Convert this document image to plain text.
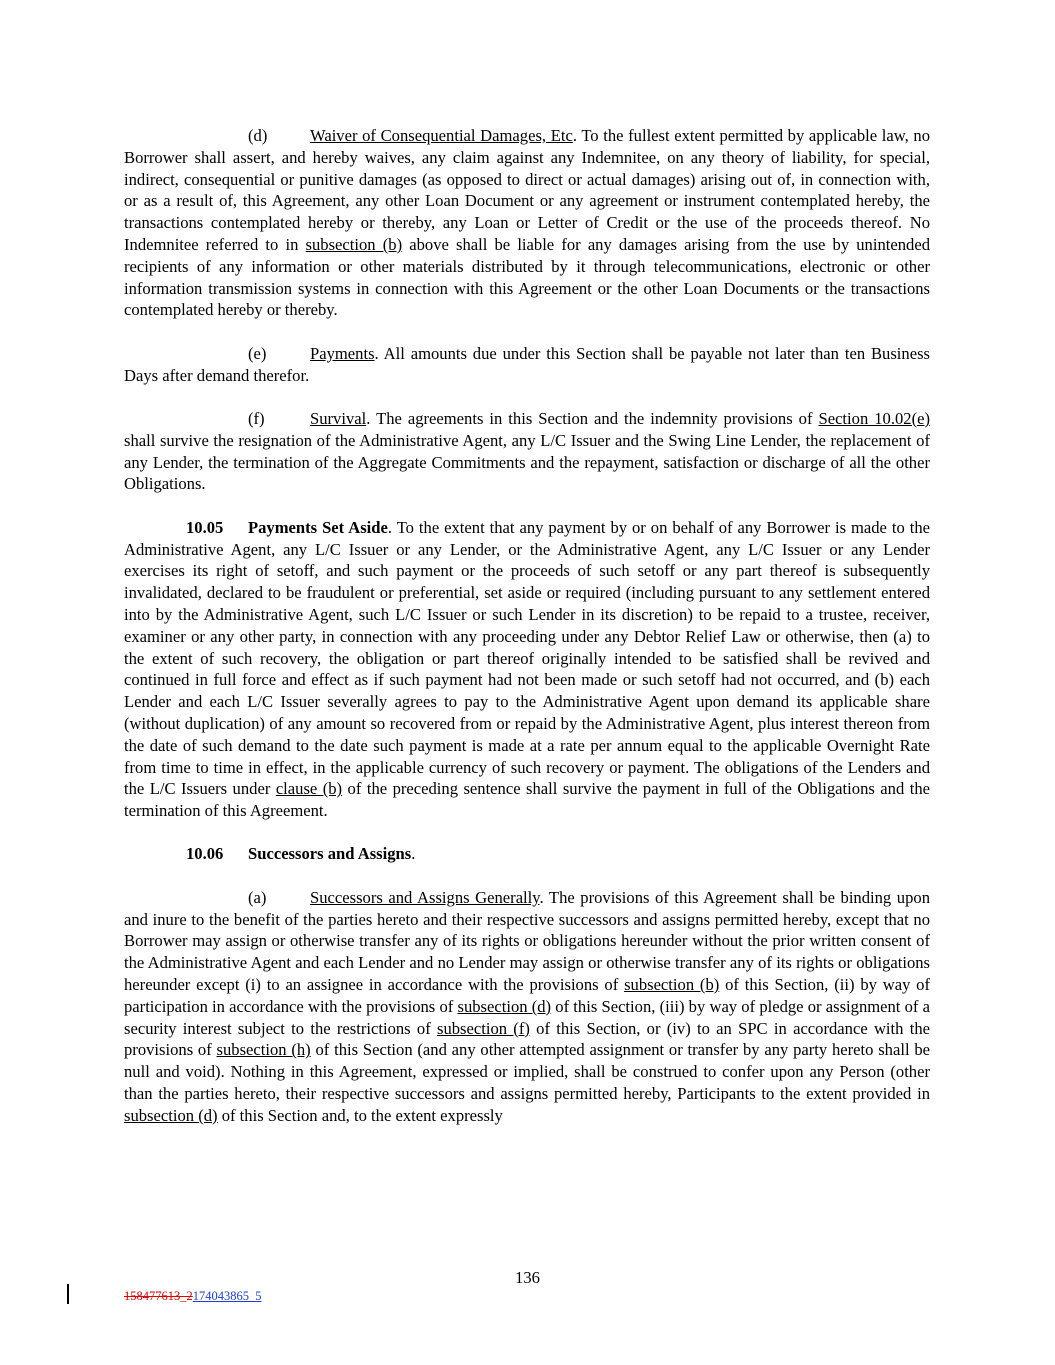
(d)	Waiver of Consequential Damages, Etc. To the fullest extent permitted by applicable law, no Borrower shall assert, and hereby waives, any claim against any Indemnitee, on any theory of liability, for special, indirect, consequential or punitive damages (as opposed to direct or actual damages) arising out of, in connection with, or as a result of, this Agreement, any other Loan Document or any agreement or instrument contemplated hereby, the transactions contemplated hereby or thereby, any Loan or Letter of Credit or the use of the proceeds thereof. No Indemnitee referred to in subsection (b) above shall be liable for any damages arising from the use by unintended recipients of any information or other materials distributed by it through telecommunications, electronic or other information transmission systems in connection with this Agreement or the other Loan Documents or the transactions contemplated hereby or thereby.

(e)	Payments. All amounts due under this Section shall be payable not later than ten Business Days after demand therefor.

(f)	Survival. The agreements in this Section and the indemnity provisions of Section 10.02(e) shall survive the resignation of the Administrative Agent, any L/C Issuer and the Swing Line Lender, the replacement of any Lender, the termination of the Aggregate Commitments and the repayment, satisfaction or discharge of all the other Obligations.

10.05 Payments Set Aside. To the extent that any payment by or on behalf of any Borrower is made to the Administrative Agent, any L/C Issuer or any Lender, or the Administrative Agent, any L/C Issuer or any Lender exercises its right of setoff, and such payment or the proceeds of such setoff or any part thereof is subsequently invalidated, declared to be fraudulent or preferential, set aside or required (including pursuant to any settlement entered into by the Administrative Agent, such L/C Issuer or such Lender in its discretion) to be repaid to a trustee, receiver, examiner or any other party, in connection with any proceeding under any Debtor Relief Law or otherwise, then (a) to the extent of such recovery, the obligation or part thereof originally intended to be satisfied shall be revived and continued in full force and effect as if such payment had not been made or such setoff had not occurred, and (b) each Lender and each L/C Issuer severally agrees to pay to the Administrative Agent upon demand its applicable share (without duplication) of any amount so recovered from or repaid by the Administrative Agent, plus interest thereon from the date of such demand to the date such payment is made at a rate per annum equal to the applicable Overnight Rate from time to time in effect, in the applicable currency of such recovery or payment. The obligations of the Lenders and the L/C Issuers under clause (b) of the preceding sentence shall survive the payment in full of the Obligations and the termination of this Agreement.

10.06 Successors and Assigns.

(a)	Successors and Assigns Generally. The provisions of this Agreement shall be binding upon and inure to the benefit of the parties hereto and their respective successors and assigns permitted hereby, except that no Borrower may assign or otherwise transfer any of its rights or obligations hereunder without the prior written consent of the Administrative Agent and each Lender and no Lender may assign or otherwise transfer any of its rights or obligations hereunder except (i) to an assignee in accordance with the provisions of subsection (b) of this Section, (ii) by way of participation in accordance with the provisions of subsection (d) of this Section, (iii) by way of pledge or assignment of a security interest subject to the restrictions of subsection (f) of this Section, or (iv) to an SPC in accordance with the provisions of subsection (h) of this Section (and any other attempted assignment or transfer by any party hereto shall be null and void). Nothing in this Agreement, expressed or implied, shall be construed to confer upon any Person (other than the parties hereto, their respective successors and assigns permitted hereby, Participants to the extent provided in subsection (d) of this Section and, to the extent expressly

136
158477613_2174043865_5
